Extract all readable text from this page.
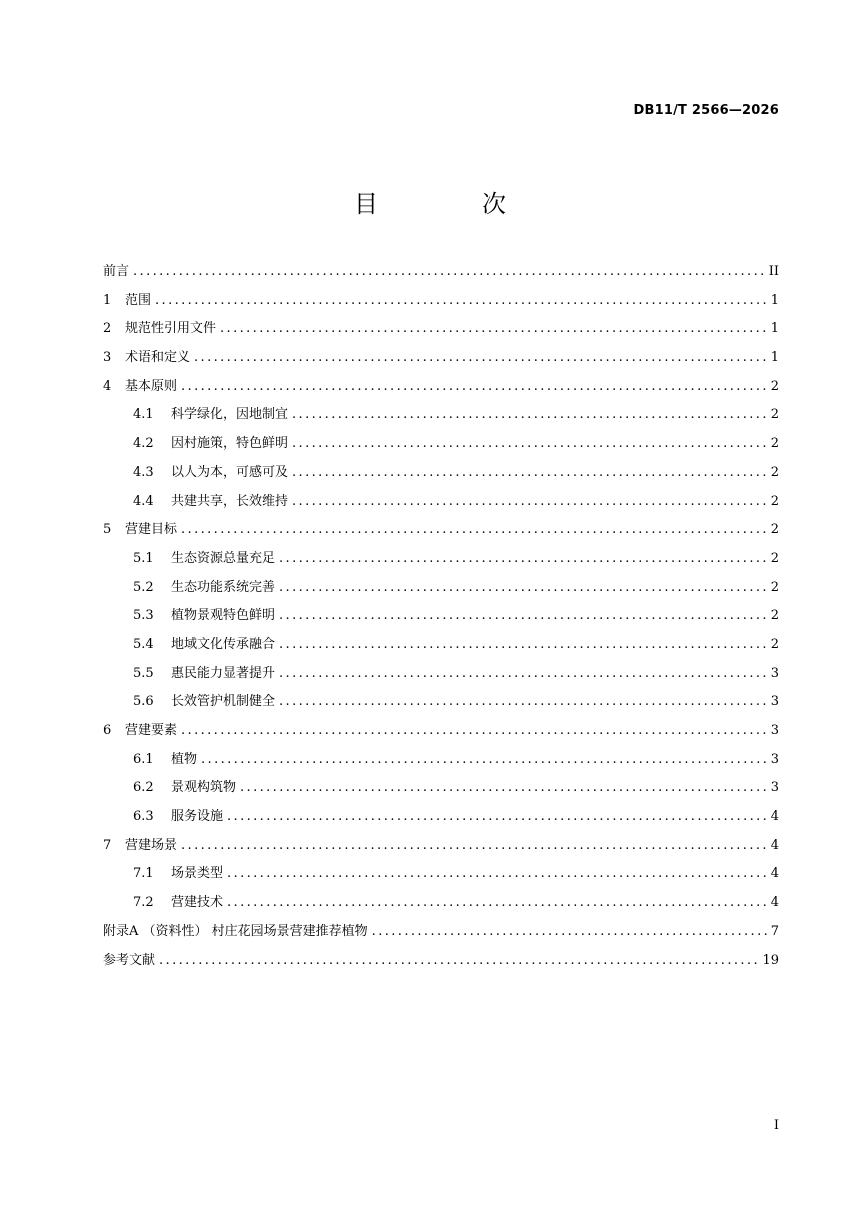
DB11/T 2566—2026
目　次
前言 .....	II
1 范围 .....	1
2 规范性引用文件 .....	1
3 术语和定义 .....	1
4 基本原则 .....	2
4.1	科学绿化，因地制宜 .....	2
4.2	因村施策，特色鲜明 .....	2
4.3	以人为本，可感可及 .....	2
4.4	共建共享，长效维持 .....	2
5 营建目标 .....	2
5.1	生态资源总量充足 .....	2
5.2	生态功能系统完善 .....	2
5.3	植物景观特色鲜明 .....	2
5.4	地域文化传承融合 .....	2
5.5	惠民能力显著提升 .....	3
5.6	长效管护机制健全 .....	3
6 营建要素 .....	3
6.1	植物 .....	3
6.2	景观构筑物 .....	3
6.3	服务设施 .....	4
7 营建场景 .....	4
7.1	场景类型 .....	4
7.2	营建技术 .....	4
附录A （资料性） 村庄花园场景营建推荐植物 .....	7
参考文献 .....	19
I
